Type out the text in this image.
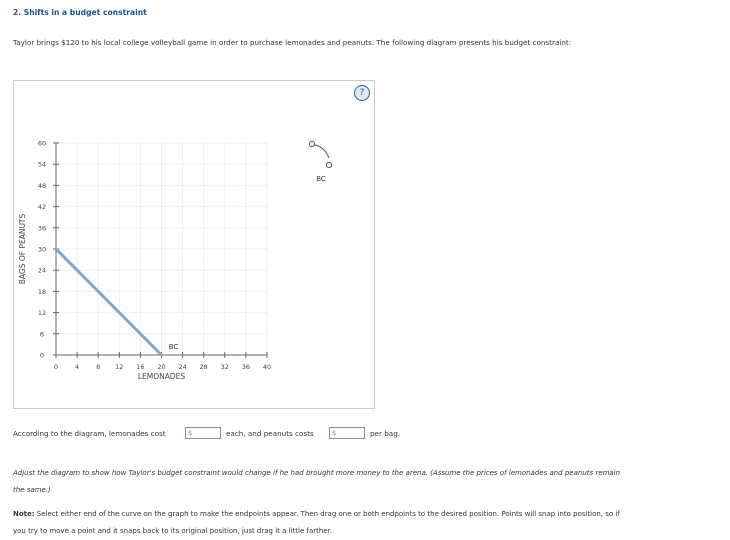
2. Shifts in a budget constraint
Taylor brings $120 to his local college volleyball game in order to purchase lemonades and peanuts. The following diagram presents his budget constraint:
?
0	4	8 12 16 20 24 28 32 36 40
0
6
12
18
24
30
36
42
48
54
60
LEMONADES
BAGS OF PEANUTS
BC
BC
According to the diagram, lemonades cost	$	each, and peanuts costs	$	per bag.
Adjust the diagram to show how Taylor's budget constraint would change if he had brought more money to the arena. (Assume the prices of lemonades and peanuts remain the same.)
Note: Select either end of the curve on the graph to make the endpoints appear. Then drag one or both endpoints to the desired position. Points will snap into position, so if you try to move a point and it snaps back to its original position, just drag it a little farther.
